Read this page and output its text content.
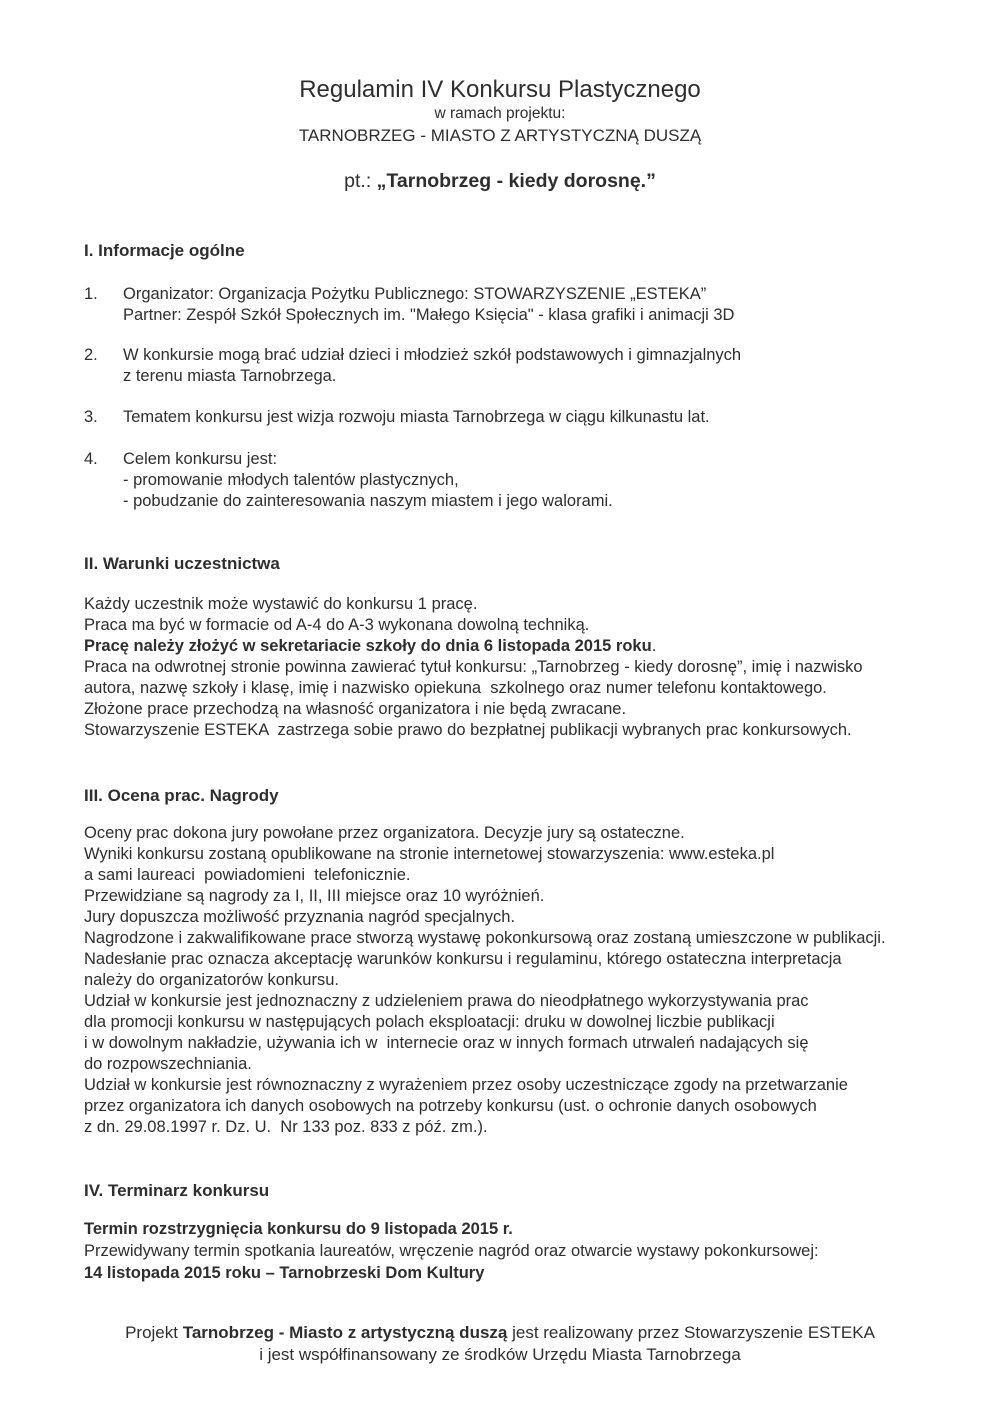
Regulamin IV Konkursu Plastycznego
w ramach projektu:
TARNOBRZEG - MIASTO Z ARTYSTYCZNĄ DUSZĄ
pt.: „Tarnobrzeg - kiedy dorosnę.”
I. Informacje ogólne
1.	Organizator: Organizacja Pożytku Publicznego: STOWARZYSZENIE „ESTEKA”
Partner: Zespół Szkół Społecznych im. "Małego Księcia" - klasa grafiki i animacji 3D
2.	W konkursie mogą brać udział dzieci i młodzież szkół podstawowych i gimnazjalnych
z terenu miasta Tarnobrzega.
3.	Tematem konkursu jest wizja rozwoju miasta Tarnobrzega w ciągu kilkunastu lat.
4.	Celem konkursu jest:
- promowanie młodych talentów plastycznych,
- pobudzanie do zainteresowania naszym miastem i jego walorami.
II. Warunki uczestnictwa
Każdy uczestnik może wystawić do konkursu 1 pracę.
Praca ma być w formacie od A-4 do A-3 wykonana dowolną techniką.
Pracę należy złożyć w sekretariacie szkoły do dnia 6 listopada 2015 roku.
Praca na odwrotnej stronie powinna zawierać tytuł konkursu: „Tarnobrzeg - kiedy dorosnę”, imię i nazwisko
autora, nazwę szkoły i klasę, imię i nazwisko opiekuna  szkolnego oraz numer telefonu kontaktowego.
Złożone prace przechodzą na własność organizatora i nie będą zwracane.
Stowarzyszenie ESTEKA  zastrzega sobie prawo do bezpłatnej publikacji wybranych prac konkursowych.
III. Ocena prac. Nagrody
Oceny prac dokona jury powołane przez organizatora. Decyzje jury są ostateczne.
Wyniki konkursu zostaną opublikowane na stronie internetowej stowarzyszenia: www.esteka.pl
a sami laureaci  powiadomieni  telefonicznie.
Przewidziane są nagrody za I, II, III miejsce oraz 10 wyróżnień.
Jury dopuszcza możliwość przyznania nagród specjalnych.
Nagrodzone i zakwalifikowane prace stworzą wystawę pokonkursową oraz zostaną umieszczone w publikacji.
Nadesłanie prac oznacza akceptację warunków konkursu i regulaminu, którego ostateczna interpretacja
należy do organizatorów konkursu.
Udział w konkursie jest jednoznaczny z udzieleniem prawa do nieodpłatnego wykorzystywania prac
dla promocji konkursu w następujących polach eksploatacji: druku w dowolnej liczbie publikacji
i w dowolnym nakładzie, używania ich w  internecie oraz w innych formach utrwaleń nadających się
do rozpowszechniania.
Udział w konkursie jest równoznaczny z wyrażeniem przez osoby uczestniczące zgody na przetwarzanie
przez organizatora ich danych osobowych na potrzeby konkursu (ust. o ochronie danych osobowych
z dn. 29.08.1997 r. Dz. U.  Nr 133 poz. 833 z póź. zm.).
IV. Terminarz konkursu
Termin rozstrzygnięcia konkursu do 9 listopada 2015 r.
Przewidywany termin spotkania laureatów, wręczenie nagród oraz otwarcie wystawy pokonkursowej:
14 listopada 2015 roku – Tarnobrzeski Dom Kultury
Projekt Tarnobrzeg - Miasto z artystyczną duszą jest realizowany przez Stowarzyszenie ESTEKA
i jest współfinansowany ze środków Urzędu Miasta Tarnobrzega
